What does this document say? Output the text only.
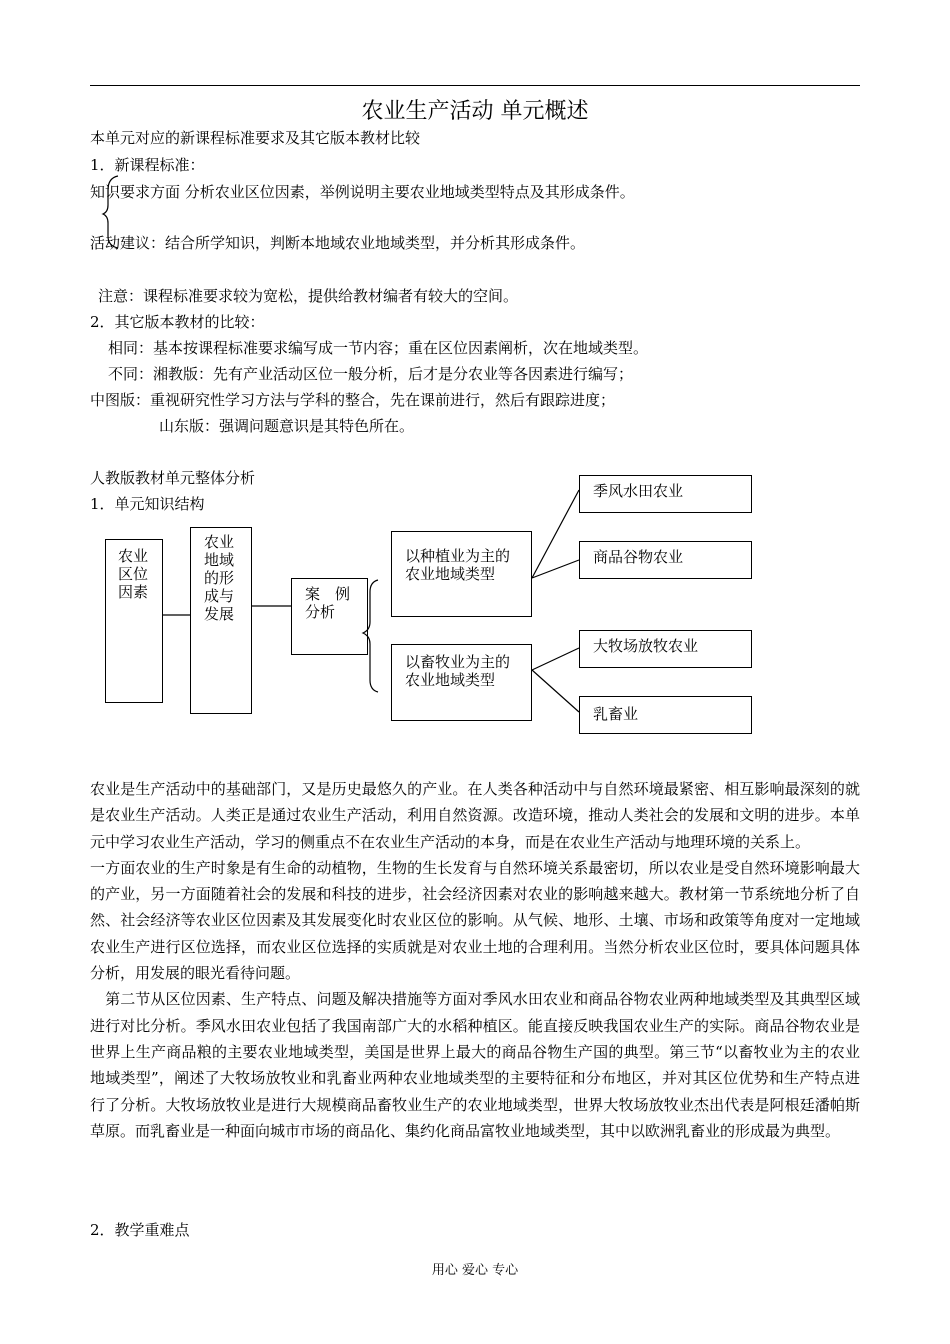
农业生产活动 单元概述
本单元对应的新课程标准要求及其它版本教材比较
1．新课程标准：
知识要求方面 分析农业区位因素，举例说明主要农业地域类型特点及其形成条件。
活动建议：结合所学知识，判断本地域农业地域类型，并分析其形成条件。
注意：课程标准要求较为宽松，提供给教材编者有较大的空间。
2．其它版本教材的比较：
相同：基本按课程标准要求编写成一节内容；重在区位因素阐析，次在地域类型。
不同：湘教版：先有产业活动区位一般分析，后才是分农业等各因素进行编写；
中图版：重视研究性学习方法与学科的整合，先在课前进行，然后有跟踪进度；
山东版：强调问题意识是其特色所在。
人教版教材单元整体分析
1．单元知识结构
农业区位因素
农业地域的形成与发展
案　例分析
以种植业为主的农业地域类型
以畜牧业为主的农业地域类型
季风水田农业
商品谷物农业
大牧场放牧农业
乳畜业

农业是生产活动中的基础部门，又是历史最悠久的产业。在人类各种活动中与自然环境最紧密、相互影响最深刻的就是农业生产活动。人类正是通过农业生产活动，利用自然资源。改造环境，推动人类社会的发展和文明的进步。本单元中学习农业生产活动，学习的侧重点不在农业生产活动的本身，而是在农业生产活动与地理环境的关系上。

一方面农业的生产时象是有生命的动植物，生物的生长发育与自然环境关系最密切，所以农业是受自然环境影响最大的产业，另一方面随着社会的发展和科技的进步，社会经济因素对农业的影响越来越大。教材第一节系统地分析了自然、社会经济等农业区位因素及其发展变化时农业区位的影响。从气候、地形、土壤、市场和政策等角度对一定地域农业生产进行区位选择，而农业区位选择的实质就是对农业土地的合理利用。当然分析农业区位时，要具体问题具体分析，用发展的眼光看待问题。

　第二节从区位因素、生产特点、问题及解决措施等方面对季风水田农业和商品谷物农业两种地域类型及其典型区域进行对比分析。季风水田农业包括了我国南部广大的水稻种植区。能直接反映我国农业生产的实际。商品谷物农业是世界上生产商品粮的主要农业地域类型，美国是世界上最大的商品谷物生产国的典型。第三节“以畜牧业为主的农业地域类型”，阐述了大牧场放牧业和乳畜业两种农业地域类型的主要特征和分布地区，并对其区位优势和生产特点进行了分析。大牧场放牧业是进行大规模商品畜牧业生产的农业地域类型，世界大牧场放牧业杰出代表是阿根廷潘帕斯草原。而乳畜业是一种面向城市市场的商品化、集约化商品富牧业地域类型，其中以欧洲乳畜业的形成最为典型。

2．教学重难点
用心 爱心 专心
